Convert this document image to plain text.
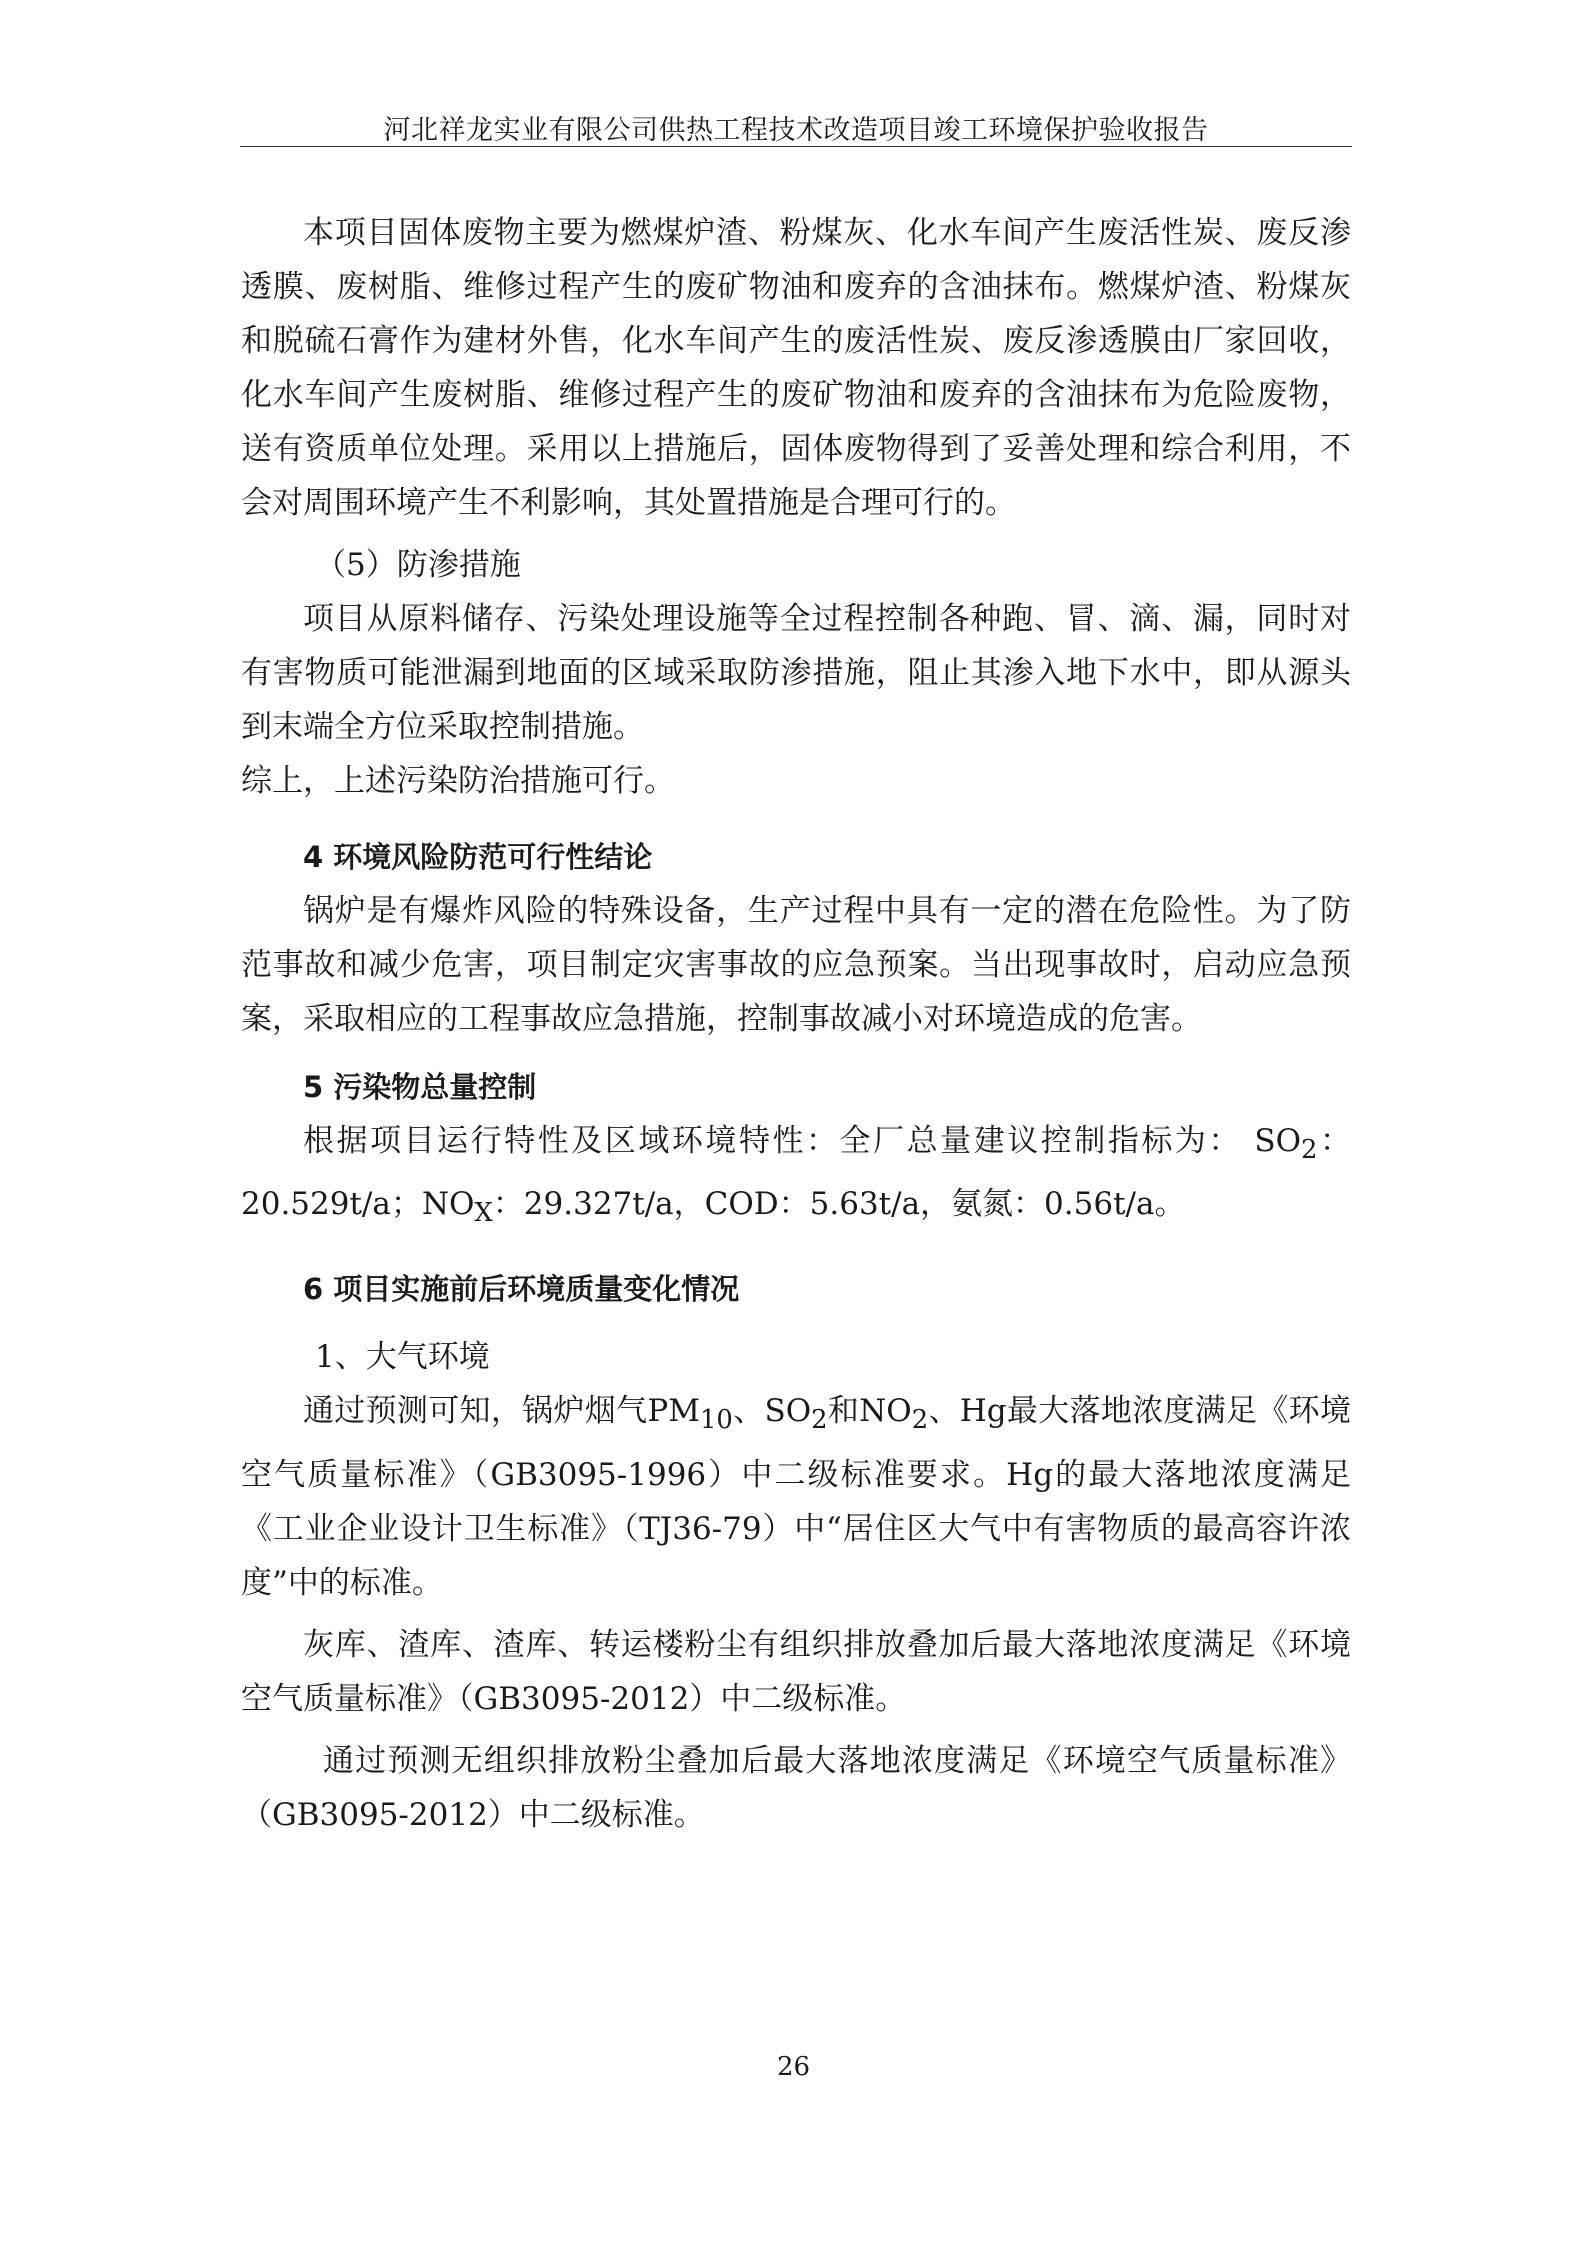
河北祥龙实业有限公司供热工程技术改造项目竣工环境保护验收报告

本项目固体废物主要为燃煤炉渣、粉煤灰、化水车间产生废活性炭、废反渗透膜、废树脂、维修过程产生的废矿物油和废弃的含油抹布。燃煤炉渣、粉煤灰和脱硫石膏作为建材外售，化水车间产生的废活性炭、废反渗透膜由厂家回收，化水车间产生废树脂、维修过程产生的废矿物油和废弃的含油抹布为危险废物，送有资质单位处理。采用以上措施后，固体废物得到了妥善处理和综合利用，不会对周围环境产生不利影响，其处置措施是合理可行的。

（5）防渗措施

项目从原料储存、污染处理设施等全过程控制各种跑、冒、滴、漏，同时对有害物质可能泄漏到地面的区域采取防渗措施，阻止其渗入地下水中，即从源头到末端全方位采取控制措施。

综上，上述污染防治措施可行。

4 环境风险防范可行性结论

锅炉是有爆炸风险的特殊设备，生产过程中具有一定的潜在危险性。为了防范事故和减少危害，项目制定灾害事故的应急预案。当出现事故时，启动应急预案，采取相应的工程事故应急措施，控制事故减小对环境造成的危害。

5 污染物总量控制

根据项目运行特性及区域环境特性：全厂总量建议控制指标为： $SO_2$：20.529t/a；$NO_X$：29.327t/a，COD：5.63t/a，氨氮：0.56t/a。

6 项目实施前后环境质量变化情况

1、大气环境

通过预测可知，锅炉烟气$PM_{10}$、$SO_2$和$NO_2$、Hg最大落地浓度满足《环境空气质量标准》（GB3095-1996）中二级标准要求。Hg的最大落地浓度满足《工业企业设计卫生标准》（TJ36-79）中“居住区大气中有害物质的最高容许浓度”中的标准。

灰库、渣库、渣库、转运楼粉尘有组织排放叠加后最大落地浓度满足《环境空气质量标准》（GB3095-2012）中二级标准。

通过预测无组织排放粉尘叠加后最大落地浓度满足《环境空气质量标准》（GB3095-2012）中二级标准。

26
